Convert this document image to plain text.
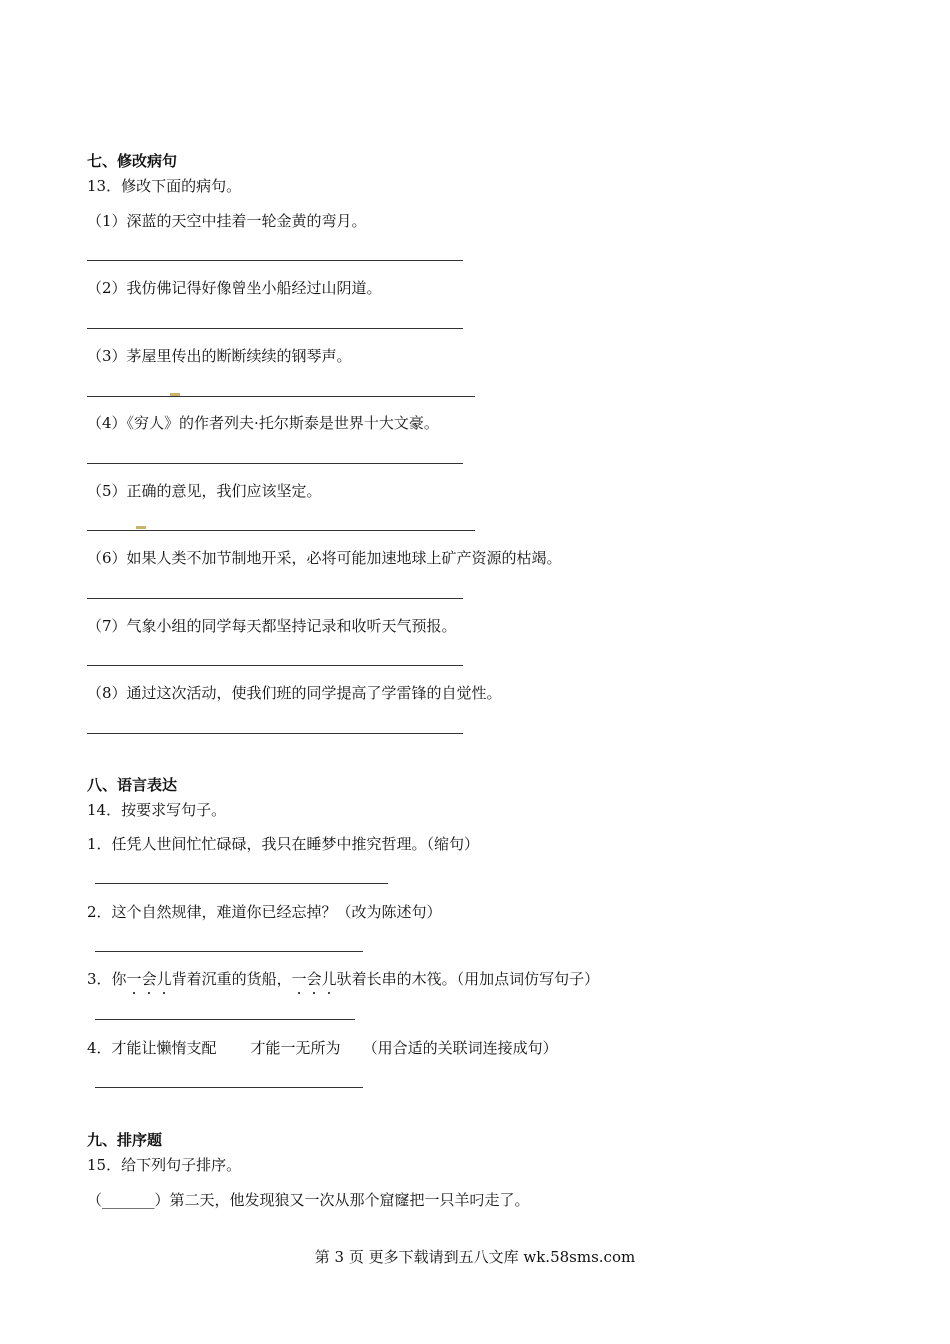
七、修改病句
13．修改下面的病句。
（1）深蓝的天空中挂着一轮金黄的弯月。
（2）我仿佛记得好像曾坐小船经过山阴道。
（3）茅屋里传出的断断续续的钢琴声。
（4）《穷人》的作者列夫·托尔斯泰是世界十大文豪。
（5）正确的意见，我们应该坚定。
（6）如果人类不加节制地开采，必将可能加速地球上矿产资源的枯竭。
（7）气象小组的同学每天都坚持记录和收听天气预报。
（8）通过这次活动，使我们班的同学提高了学雷锋的自觉性。
八、语言表达
14．按要求写句子。
1．任凭人世间忙忙碌碌，我只在睡梦中推究哲理。（缩句）
2．这个自然规律，难道你已经忘掉？（改为陈述句）
3．你一会儿背着沉重的货船，一会儿驮着长串的木筏。（用加点词仿写句子）
4．才能让懒惰支配 才能一无所为 （用合适的关联词连接成句）
九、排序题
15．给下列句子排序。
（_______）第二天，他发现狼又一次从那个窟窿把一只羊叼走了。
第 3 页 更多下载请到五八文库 wk.58sms.com
